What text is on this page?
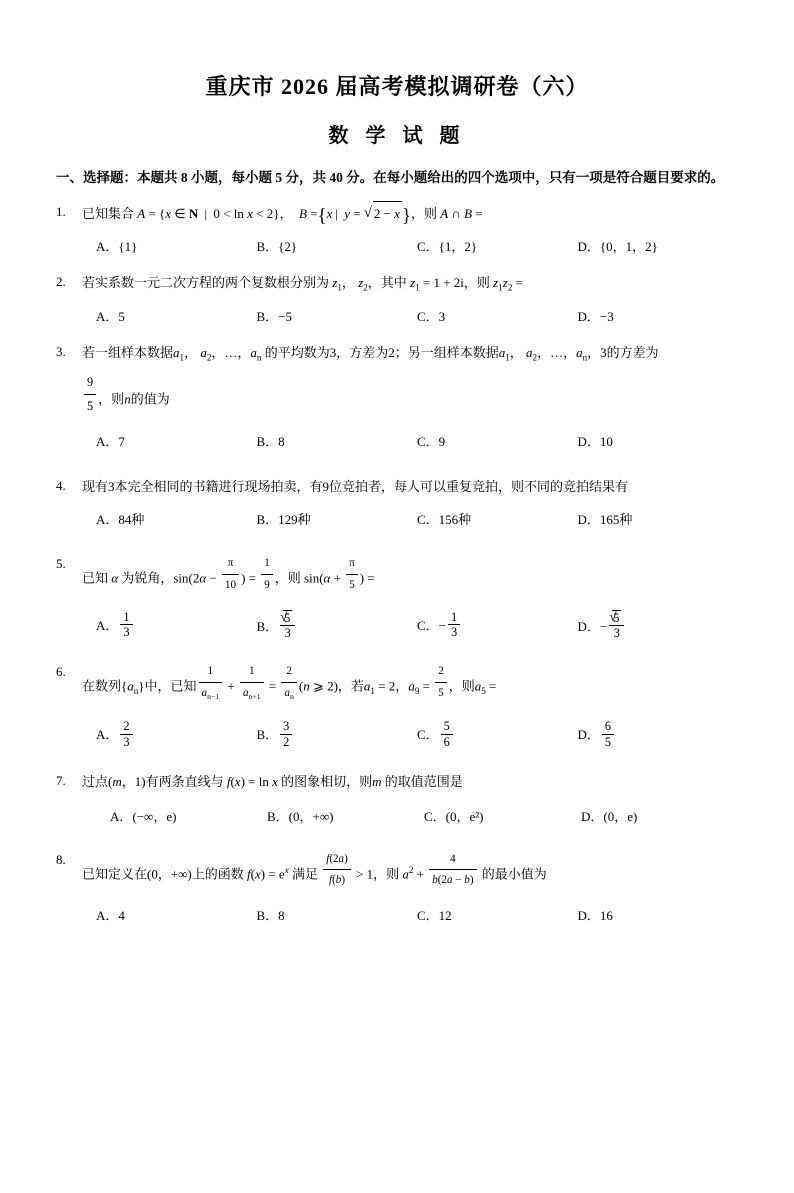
重庆市 2026 届高考模拟调研卷（六）
数 学 试 题
一、选择题：本题共 8 小题，每小题 5 分，共 40 分。在每小题给出的四个选项中，只有一项是符合题目要求的。
1.	已知集合 A = {x ∈ N | 0 < ln x < 2}，  B ={x | y = √ 2 − x }，则 A ∩ B =
A．{1}	B．{2}	C．{1，2}	D．{0，1，2}
2.	若实系数一元二次方程的两个复数根分别为 $z_1$， $z_2$，其中 $z_1 = 1 + 2i$，则 $z_1z_2$ =
A．5	B．−5	C．3	D．−3
3.	若一组样本数据$a_1$， $a_2$，…，$a_n$ 的平均数为3，方差为2；另一组样本数据$a_1$， $a_2$，…，$a_n$，3的方差为
$\frac{9}{5}$ ，则n的值为
A．7	B．8	C．9	D．10
4.	现有3本完全相同的书籍进行现场拍卖，有9位竞拍者，每人可以重复竞拍，则不同的竞拍结果有
A．84种	B．129种	C．156种	D．165种
5.
已知 α 为锐角，$\sin(2\alpha - \frac{\pi}{10}$ ) = $\frac{1}{9}$ ，则 $\sin(\alpha + \frac{\pi}{5}$ ) =
A． $\frac{1}{3}$	B． √ $\frac{5}{3}$	C．− $\frac{1}{3}$	D．− √ $\frac{5}{3}$
6.
在数列$\{a_n\}$中，已知 $\frac{1}{a_{n-1}} + \frac{1}{a_{n+1}} = \frac{2}{a_n} (n$ ⩾ 2)，若$a_1 = 2$，$a_9 = \frac{2}{5}$ ，则$a_5$ =
A． $\frac{2}{3}$	B． $\frac{3}{2}$	C． $\frac{5}{6}$	D． $\frac{6}{5}$
7.	过点(m，1)有两条直线与 f(x) = ln x 的图象相切，则m 的取值范围是
A．(−∞，e)	B．(0，+∞)	C．(0，e²)	D．(0，e)
8.
已知定义在(0，+∞)上的函数 $f(x) = e^x$ 满足 $\frac{f(2a)}{f(b)} > 1$，则 $a^2 + \frac{4}{b(2a - b)}$ 的最小值为
A．4	B．8	C．12	D．16
